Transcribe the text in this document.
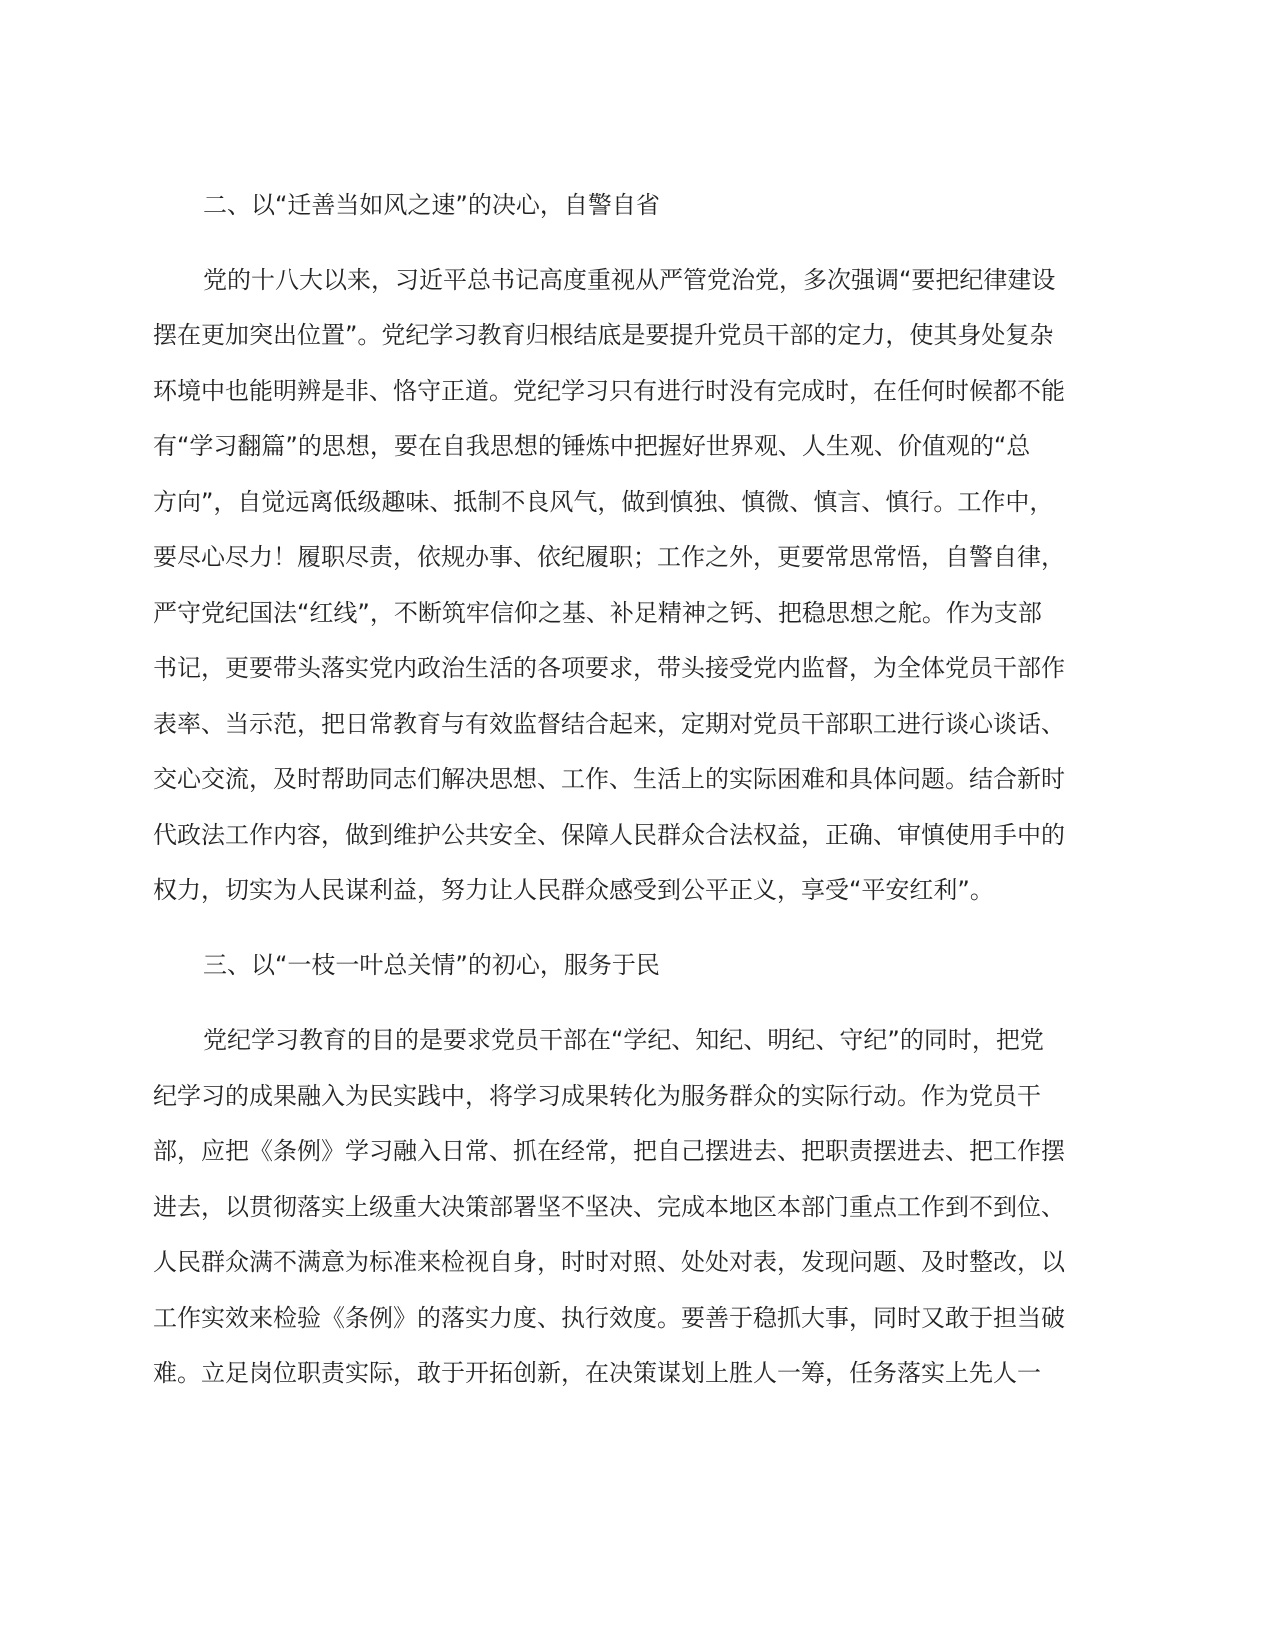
二、以“迁善当如风之速”的决心，自警自省
党的十八大以来，习近平总书记高度重视从严管党治党，多次强调“要把纪律建设
摆在更加突出位置”。党纪学习教育归根结底是要提升党员干部的定力，使其身处复杂
环境中也能明辨是非、恪守正道。党纪学习只有进行时没有完成时，在任何时候都不能
有“学习翻篇”的思想，要在自我思想的锤炼中把握好世界观、人生观、价值观的“总
方向”，自觉远离低级趣味、抵制不良风气，做到慎独、慎微、慎言、慎行。工作中，
要尽心尽力！履职尽责，依规办事、依纪履职；工作之外，更要常思常悟，自警自律，
严守党纪国法“红线”，不断筑牢信仰之基、补足精神之钙、把稳思想之舵。作为支部
书记，更要带头落实党内政治生活的各项要求，带头接受党内监督，为全体党员干部作
表率、当示范，把日常教育与有效监督结合起来，定期对党员干部职工进行谈心谈话、
交心交流，及时帮助同志们解决思想、工作、生活上的实际困难和具体问题。结合新时
代政法工作内容，做到维护公共安全、保障人民群众合法权益，正确、审慎使用手中的
权力，切实为人民谋利益，努力让人民群众感受到公平正义，享受“平安红利”。
三、以“一枝一叶总关情”的初心，服务于民
党纪学习教育的目的是要求党员干部在“学纪、知纪、明纪、守纪”的同时，把党
纪学习的成果融入为民实践中，将学习成果转化为服务群众的实际行动。作为党员干
部，应把《条例》学习融入日常、抓在经常，把自己摆进去、把职责摆进去、把工作摆
进去，以贯彻落实上级重大决策部署坚不坚决、完成本地区本部门重点工作到不到位、
人民群众满不满意为标准来检视自身，时时对照、处处对表，发现问题、及时整改，以
工作实效来检验《条例》的落实力度、执行效度。要善于稳抓大事，同时又敢于担当破
难。立足岗位职责实际，敢于开拓创新，在决策谋划上胜人一筹，任务落实上先人一
